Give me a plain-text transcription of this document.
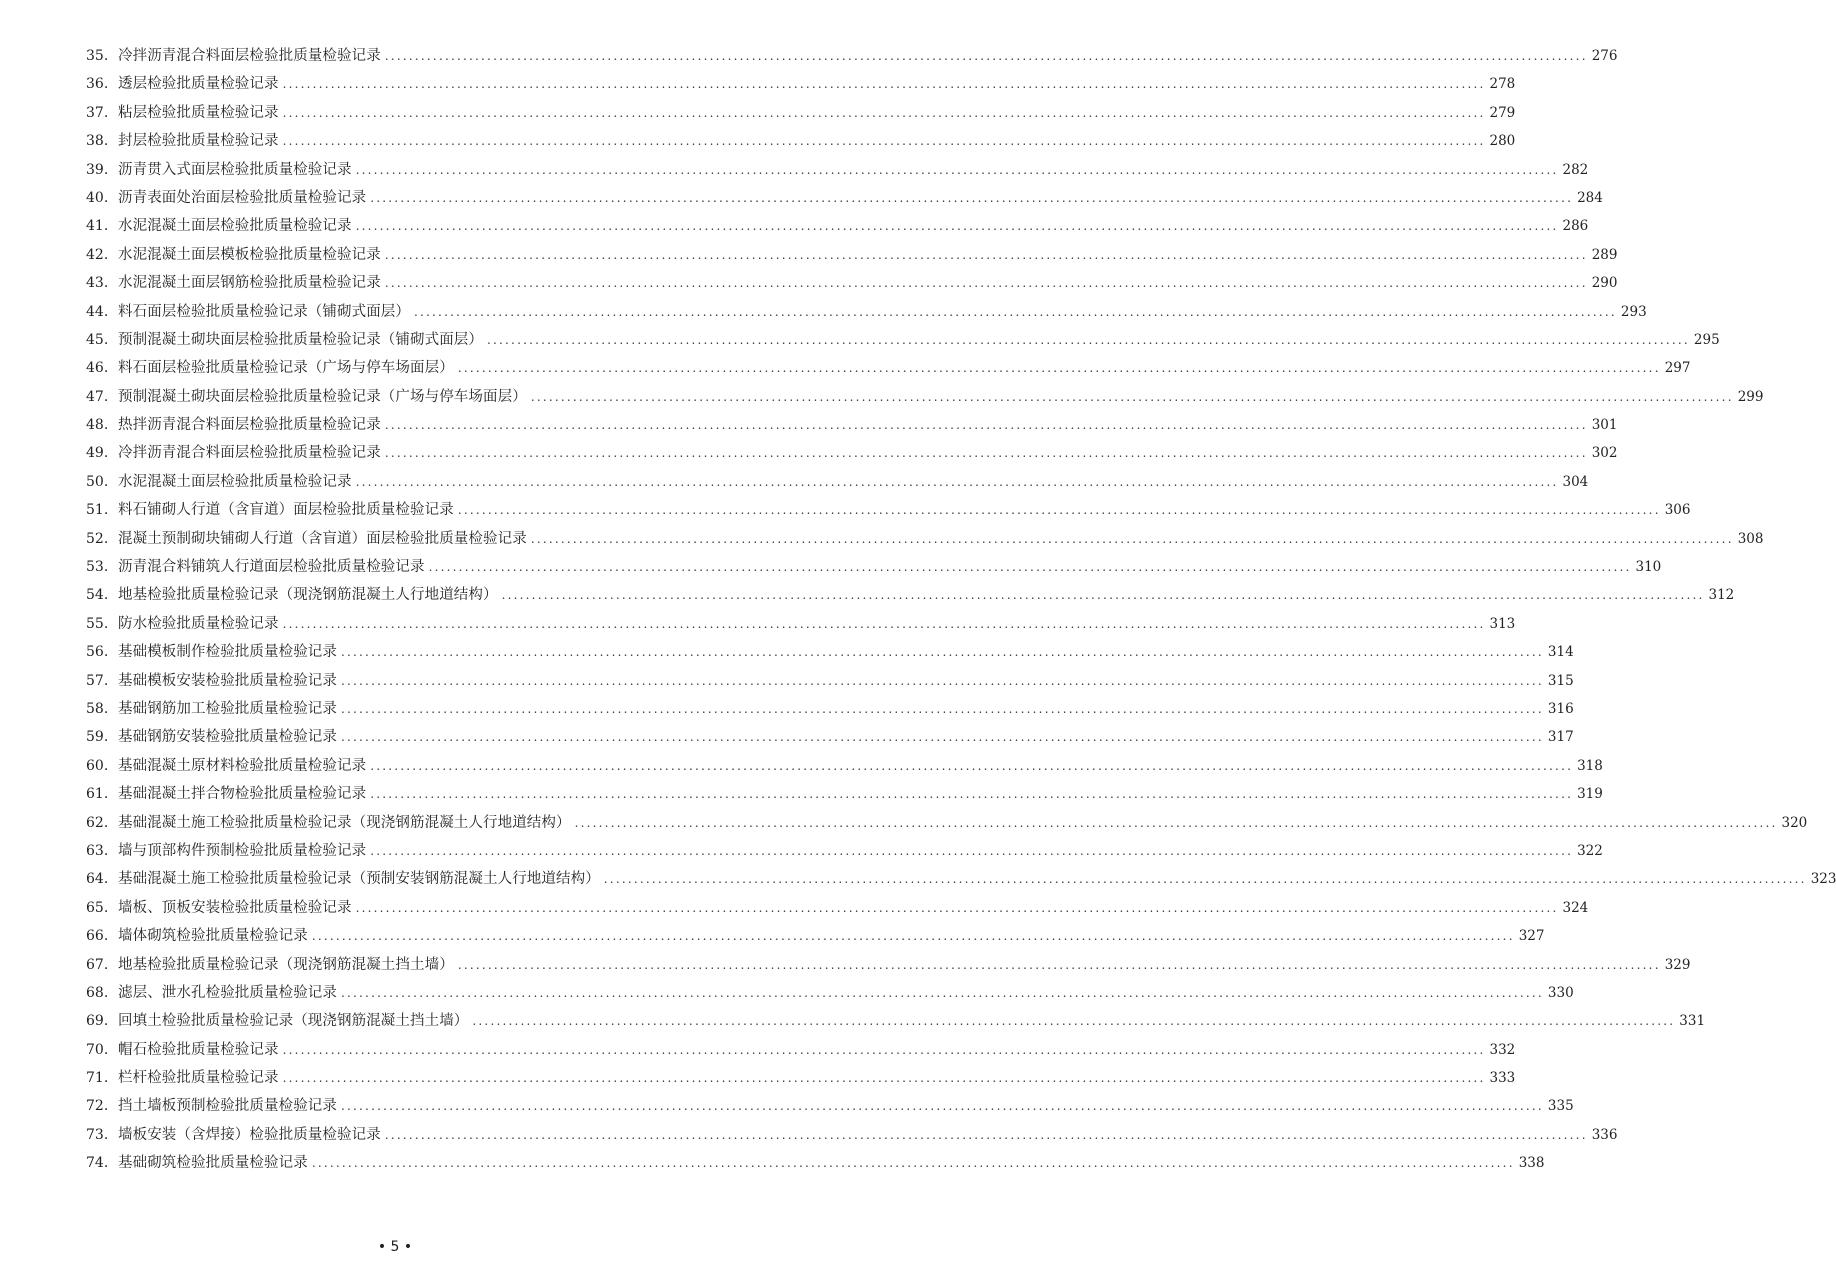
35. 冷拌沥青混合料面层检验批质量检验记录 ........................................................................................................................................................................................................ 276
36. 透层检验批质量检验记录 ........................................................................................................................................................................................................ 278
37. 粘层检验批质量检验记录 ........................................................................................................................................................................................................ 279
38. 封层检验批质量检验记录 ........................................................................................................................................................................................................ 280
39. 沥青贯入式面层检验批质量检验记录 ........................................................................................................................................................................................................ 282
40. 沥青表面处治面层检验批质量检验记录 ........................................................................................................................................................................................................ 284
41. 水泥混凝土面层检验批质量检验记录 ........................................................................................................................................................................................................ 286
42. 水泥混凝土面层模板检验批质量检验记录 ........................................................................................................................................................................................................ 289
43. 水泥混凝土面层钢筋检验批质量检验记录 ........................................................................................................................................................................................................ 290
44. 料石面层检验批质量检验记录（铺砌式面层） ........................................................................................................................................................................................................ 293
45. 预制混凝土砌块面层检验批质量检验记录（铺砌式面层） ........................................................................................................................................................................................................ 295
46. 料石面层检验批质量检验记录（广场与停车场面层） ........................................................................................................................................................................................................ 297
47. 预制混凝土砌块面层检验批质量检验记录（广场与停车场面层） ........................................................................................................................................................................................................ 299
48. 热拌沥青混合料面层检验批质量检验记录 ........................................................................................................................................................................................................ 301
49. 冷拌沥青混合料面层检验批质量检验记录 ........................................................................................................................................................................................................ 302
50. 水泥混凝土面层检验批质量检验记录 ........................................................................................................................................................................................................ 304
51. 料石铺砌人行道（含盲道）面层检验批质量检验记录 ........................................................................................................................................................................................................ 306
52. 混凝土预制砌块铺砌人行道（含盲道）面层检验批质量检验记录 ........................................................................................................................................................................................................ 308
53. 沥青混合料铺筑人行道面层检验批质量检验记录 ........................................................................................................................................................................................................ 310
54. 地基检验批质量检验记录（现浇钢筋混凝土人行地道结构） ........................................................................................................................................................................................................ 312
55. 防水检验批质量检验记录 ........................................................................................................................................................................................................ 313
56. 基础模板制作检验批质量检验记录 ........................................................................................................................................................................................................ 314
57. 基础模板安装检验批质量检验记录 ........................................................................................................................................................................................................ 315
58. 基础钢筋加工检验批质量检验记录 ........................................................................................................................................................................................................ 316
59. 基础钢筋安装检验批质量检验记录 ........................................................................................................................................................................................................ 317
60. 基础混凝土原材料检验批质量检验记录 ........................................................................................................................................................................................................ 318
61. 基础混凝土拌合物检验批质量检验记录 ........................................................................................................................................................................................................ 319
62. 基础混凝土施工检验批质量检验记录（现浇钢筋混凝土人行地道结构） ........................................................................................................................................................................................................ 320
63. 墙与顶部构件预制检验批质量检验记录 ........................................................................................................................................................................................................ 322
64. 基础混凝土施工检验批质量检验记录（预制安装钢筋混凝土人行地道结构） ........................................................................................................................................................................................................ 323
65. 墙板、顶板安装检验批质量检验记录 ........................................................................................................................................................................................................ 324
66. 墙体砌筑检验批质量检验记录 ........................................................................................................................................................................................................ 327
67. 地基检验批质量检验记录（现浇钢筋混凝土挡土墙） ........................................................................................................................................................................................................ 329
68. 滤层、泄水孔检验批质量检验记录 ........................................................................................................................................................................................................ 330
69. 回填土检验批质量检验记录（现浇钢筋混凝土挡土墙） ........................................................................................................................................................................................................ 331
70. 帽石检验批质量检验记录 ........................................................................................................................................................................................................ 332
71. 栏杆检验批质量检验记录 ........................................................................................................................................................................................................ 333
72. 挡土墙板预制检验批质量检验记录 ........................................................................................................................................................................................................ 335
73. 墙板安装（含焊接）检验批质量检验记录 ........................................................................................................................................................................................................ 336
74. 基础砌筑检验批质量检验记录 ........................................................................................................................................................................................................ 338
• 5 •
